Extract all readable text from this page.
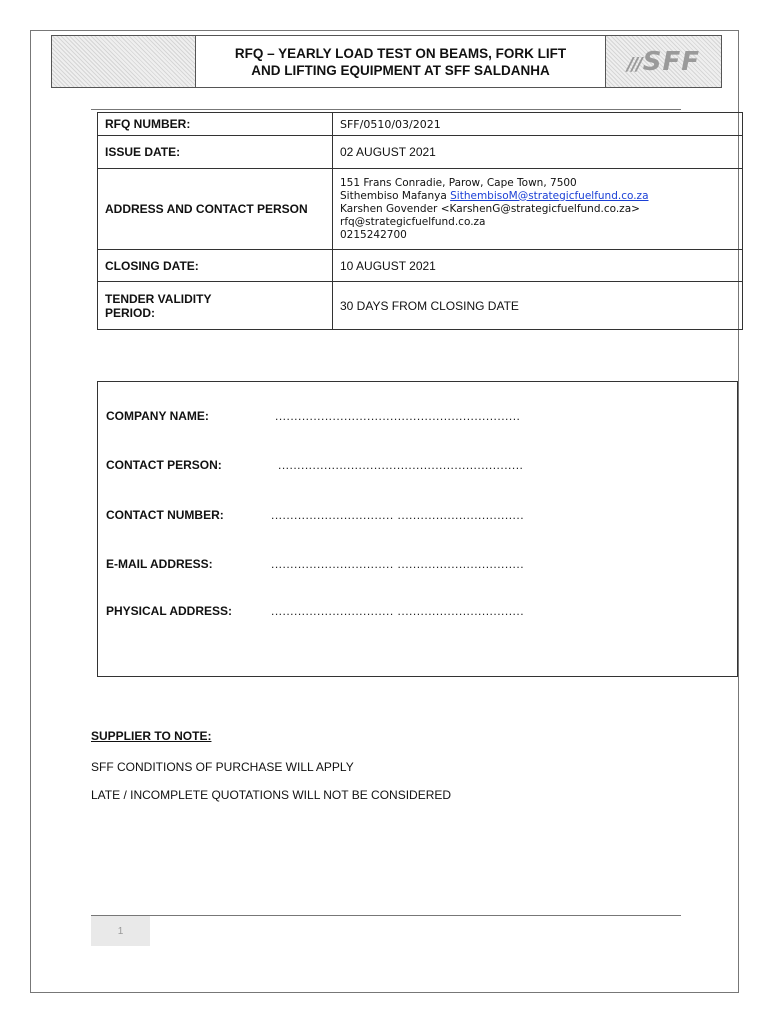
RFQ – YEARLY LOAD TEST ON BEAMS, FORK LIFT
AND LIFTING EQUIPMENT AT SFF SALDANHA	///SFF
RFQ NUMBER:	SFF/0510/03/2021
ISSUE DATE:	02 AUGUST 2021
ADDRESS AND CONTACT PERSON	151 Frans Conradie, Parow, Cape Town, 7500
Sithembiso Mafanya SithembisoM@strategicfuelfund.co.za
Karshen Govender <KarshenG@strategicfuelfund.co.za>
rfq@strategicfuelfund.co.za
0215242700

CLOSING DATE:	10 AUGUST 2021

TENDER VALIDITY
PERIOD:	30 DAYS FROM CLOSING DATE
COMPANY NAME:	................................................................
CONTACT PERSON:	................................................................
CONTACT NUMBER:	................................ .................................
E-MAIL ADDRESS:	................................ .................................
PHYSICAL ADDRESS:	................................ .................................
SUPPLIER TO NOTE:
SFF CONDITIONS OF PURCHASE WILL APPLY
LATE / INCOMPLETE QUOTATIONS WILL NOT BE CONSIDERED
1
